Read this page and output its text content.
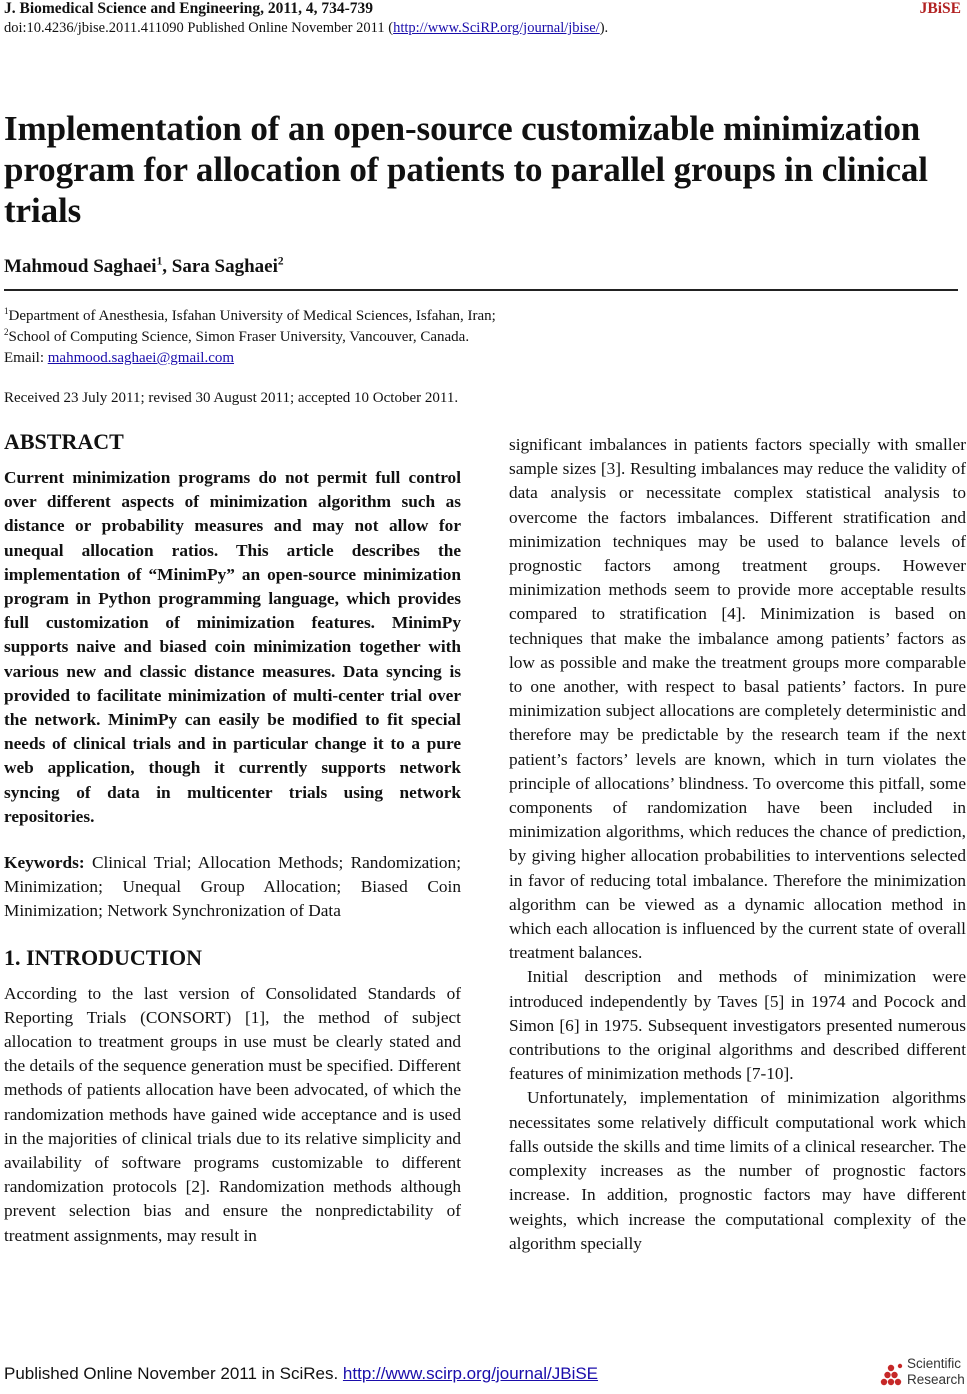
J. Biomedical Science and Engineering, 2011, 4, 734-739	JBiSE
doi:10.4236/jbise.2011.411090 Published Online November 2011 (http://www.SciRP.org/journal/jbise/).
Implementation of an open-source customizable minimization program for allocation of patients to parallel groups in clinical trials
Mahmoud Saghaei$^1$, Sara Saghaei$^2$
$^1$Department of Anesthesia, Isfahan University of Medical Sciences, Isfahan, Iran;
$^2$School of Computing Science, Simon Fraser University, Vancouver, Canada.
Email: mahmood.saghaei@gmail.com
Received 23 July 2011; revised 30 August 2011; accepted 10 October 2011.
ABSTRACT

Current minimization programs do not permit full control over different aspects of minimization algorithm such as distance or probability measures and may not allow for unequal allocation ratios. This article describes the implementation of “MinimPy” an open-source minimization program in Python programming language, which provides full customization of minimization features. MinimPy supports naive and biased coin minimization together with various new and classic distance measures. Data syncing is provided to facilitate minimization of multi-center trial over the network. MinimPy can easily be modified to fit special needs of clinical trials and in particular change it to a pure web application, though it currently supports network syncing of data in multicenter trials using network repositories.

Keywords: Clinical Trial; Allocation Methods; Randomization; Minimization; Unequal Group Allocation; Biased Coin Minimization; Network Synchronization of Data

1. INTRODUCTION

According to the last version of Consolidated Standards of Reporting Trials (CONSORT) [1], the method of subject allocation to treatment groups in use must be clearly stated and the details of the sequence generation must be specified. Different methods of patients allocation have been advocated, of which the randomization methods have gained wide acceptance and is used in the majorities of clinical trials due to its relative simplicity and availability of software programs customizable to different randomization protocols [2]. Randomization methods although prevent selection bias and ensure the nonpredictability of treatment assignments, may result in

significant imbalances in patients factors specially with smaller sample sizes [3]. Resulting imbalances may reduce the validity of data analysis or necessitate complex statistical analysis to overcome the factors imbalances. Different stratification and minimization techniques may be used to balance levels of prognostic factors among treatment groups. However minimization methods seem to provide more acceptable results compared to stratification [4]. Minimization is based on techniques that make the imbalance among patients’ factors as low as possible and make the treatment groups more comparable to one another, with respect to basal patients’ factors. In pure minimization subject allocations are completely deterministic and therefore may be predictable by the research team if the next patient’s factors’ levels are known, which in turn violates the principle of allocations’ blindness. To overcome this pitfall, some components of randomization have been included in minimization algorithms, which reduces the chance of prediction, by giving higher allocation probabilities to interventions selected in favor of reducing total imbalance. Therefore the minimization algorithm can be viewed as a dynamic allocation method in which each allocation is influenced by the current state of overall treatment balances.

Initial description and methods of minimization were introduced independently by Taves [5] in 1974 and Pocock and Simon [6] in 1975. Subsequent investigators presented numerous contributions to the original algorithms and described different features of minimization methods [7-10].

Unfortunately, implementation of minimization algorithms necessitates some relatively difficult computational work which falls outside the skills and time limits of a clinical researcher. The complexity increases as the number of prognostic factors increase. In addition, prognostic factors may have different weights, which increase the computational complexity of the algorithm specially

Published Online November 2011 in SciRes. http://www.scirp.org/journal/JBiSE
Scientific
Research
